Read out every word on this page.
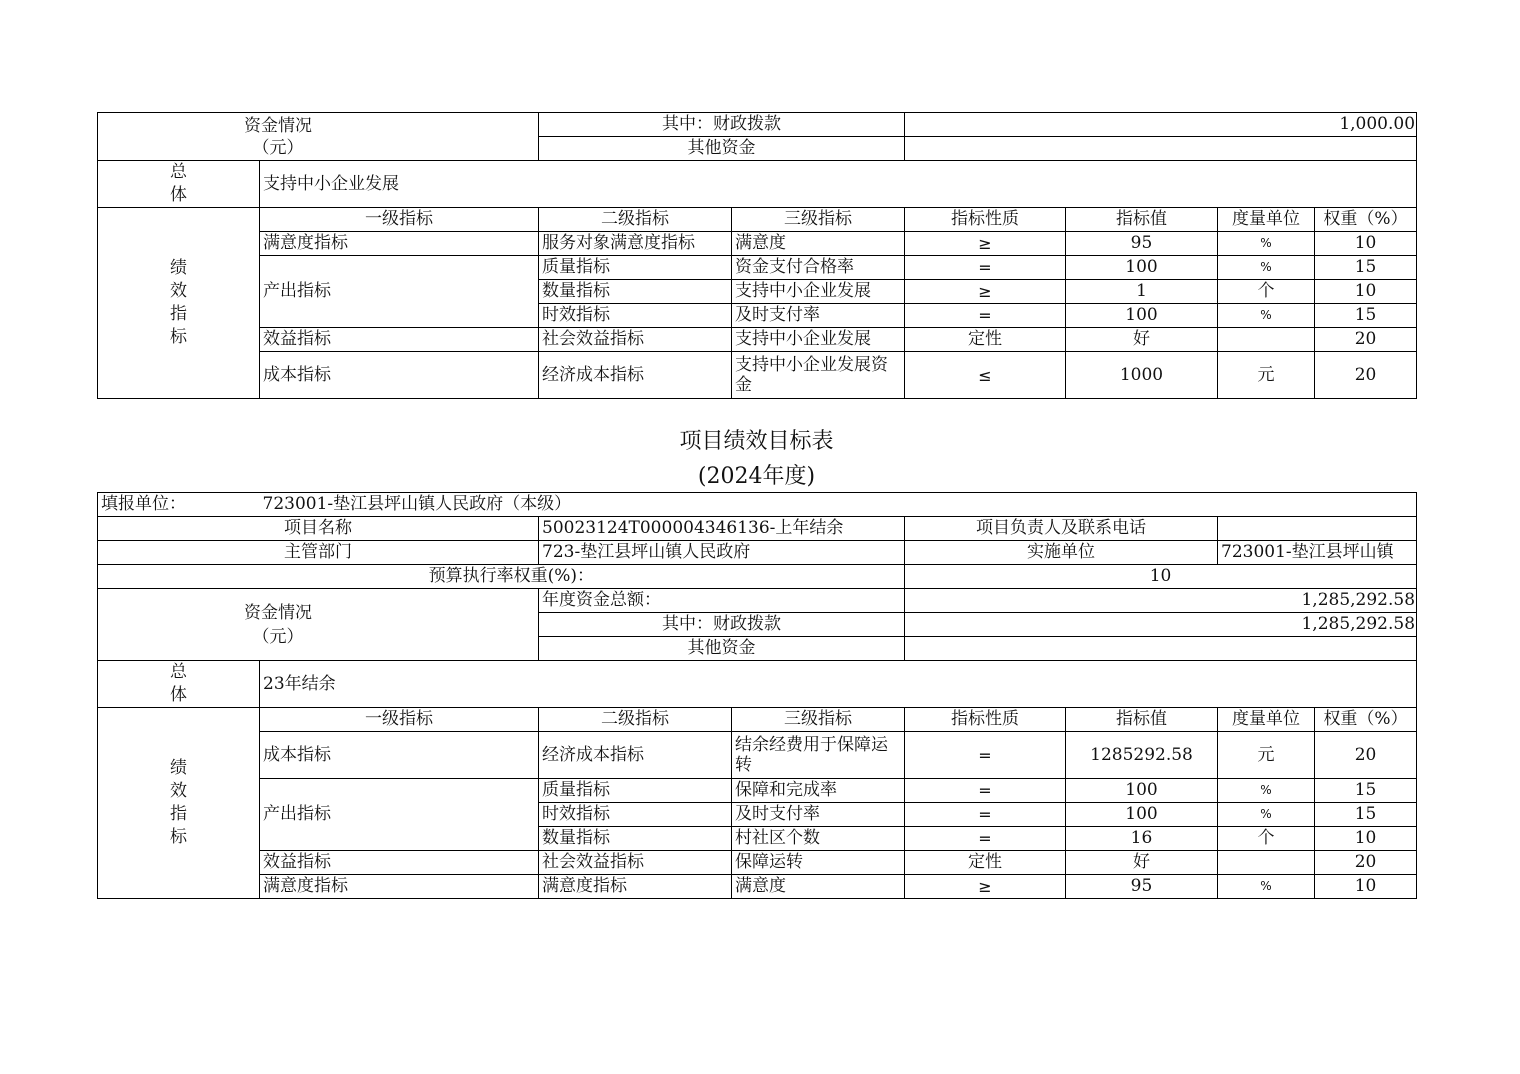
资金情况
（元）		其中：财政拨款		1,000.00			
		其他资金					
总
体	支持中小企业发展						

绩
效
指
标	一级指标	二级指标	三级指标	指标性质	指标值	度量单位	权重（%）
	满意度指标	服务对象满意度指标	满意度	≥	95	%	10
	产出指标	质量指标	资金支付合格率	=	100	%	15
		数量指标	支持中小企业发展	≥	1	个	10
		时效指标	及时支付率	=	100	%	15
	效益指标	社会效益指标	支持中小企业发展	定性	好		20
	成本指标	经济成本指标	支持中小企业发展资金	≤	1000	元	20
项目绩效目标表
(2024年度)
填报单位：	723001-垫江县坪山镇人民政府（本级）						
项目名称		50023124T000004346136-上年结余		项目负责人及联系电话			
主管部门		723-垫江县坪山镇人民政府		实施单位		723001-垫江县坪山镇	
预算执行率权重(%)：				10			

资金情况
（元）		年度资金总额：		1,285,292.58			
		其中：财政拨款		1,285,292.58			
		其他资金					
总
体	23年结余						

绩
效
指
标	一级指标	二级指标	三级指标	指标性质	指标值	度量单位	权重（%）
	成本指标	经济成本指标	结余经费用于保障运转	=	1285292.58	元	20
	产出指标	质量指标	保障和完成率	=	100	%	15
		时效指标	及时支付率	=	100	%	15
		数量指标	村社区个数	=	16	个	10
	效益指标	社会效益指标	保障运转	定性	好		20
	满意度指标	满意度指标	满意度	≥	95	%	10
